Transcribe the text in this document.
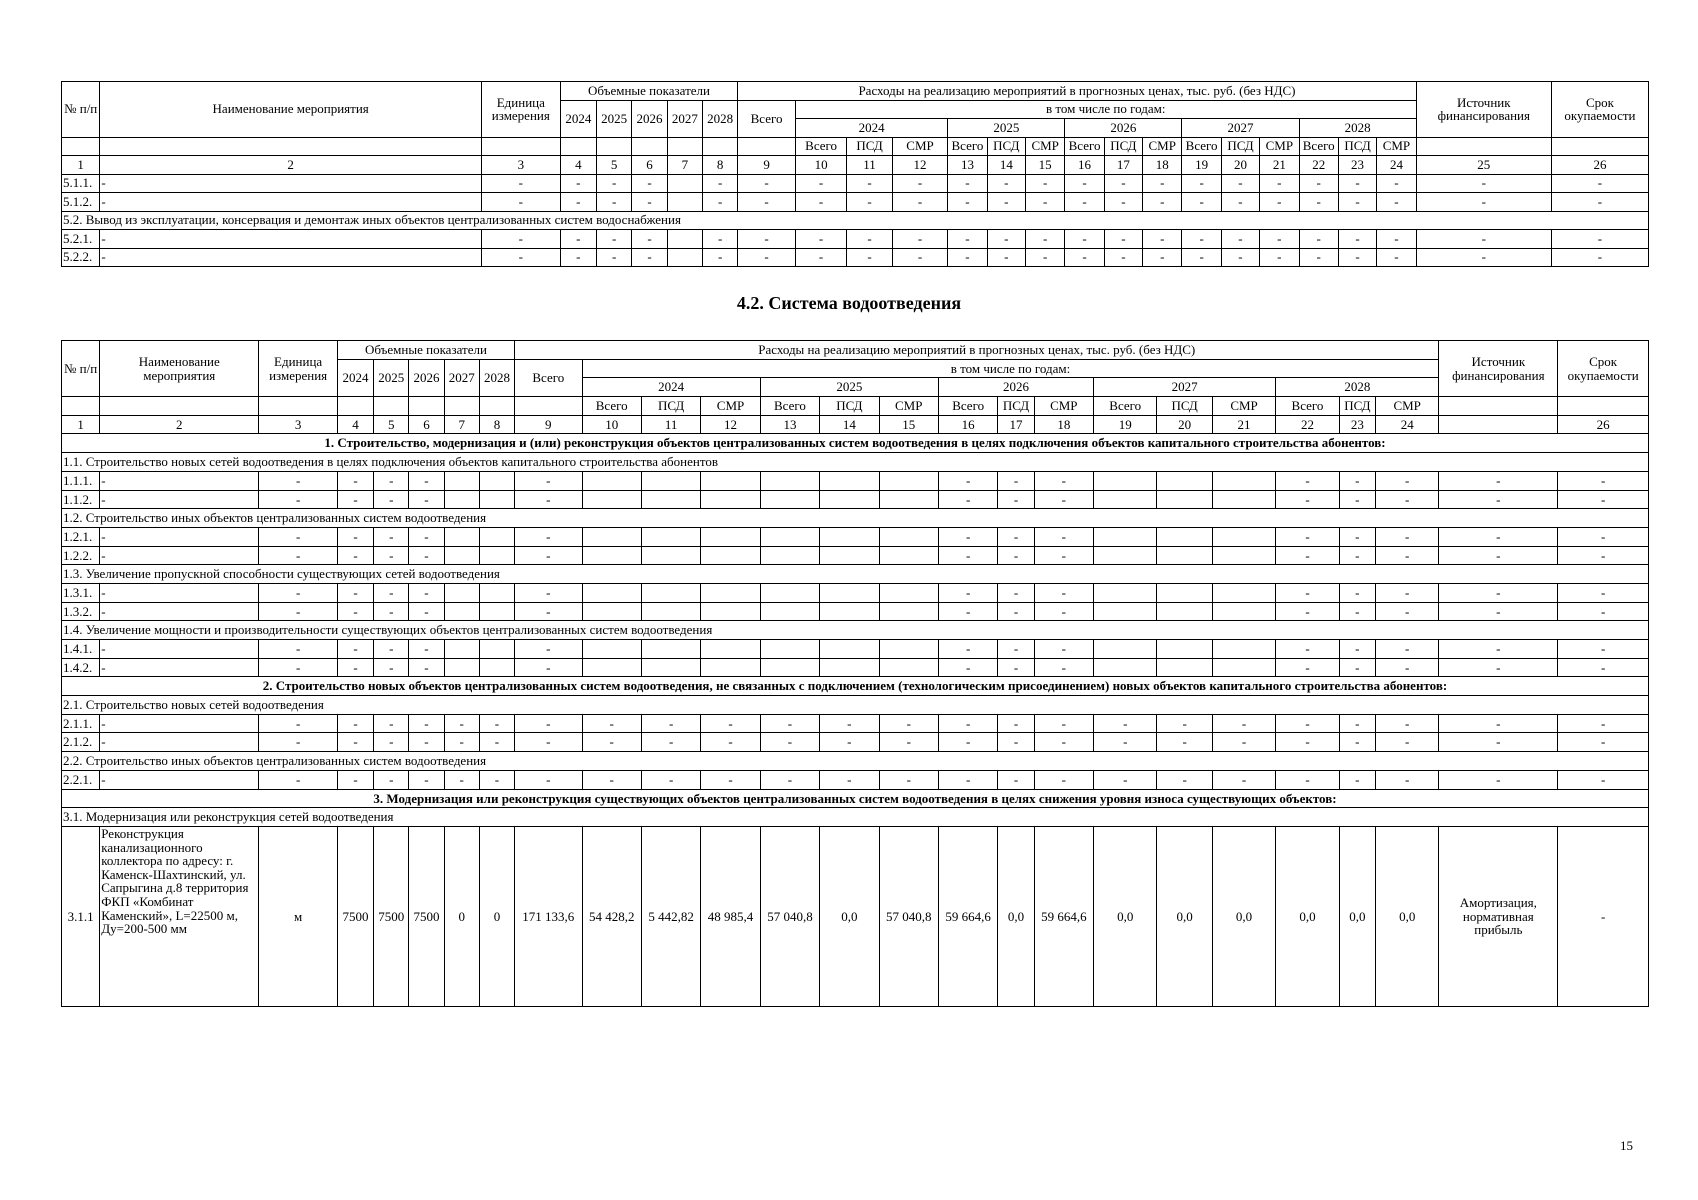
№ п/п	Наименование мероприятия	Единица измерения	Объемные показатели					Расходы на реализацию мероприятий в прогнозных ценах, тыс. руб. (без НДС)																Источник финансирования	Срок окупаемости
			2024	2025	2026	2027	2028	Всего	в том числе по годам:																
									2024			2025			2026			2027			2028				
									Всего	ПСД	СМР	Всего	ПСД	СМР	Всего	ПСД	СМР	Всего	ПСД	СМР	Всего	ПСД	СМР		
1	2	3	4	5	6	7	8	9	10	11	12	13	14	15	16	17	18	19	20	21	22	23	24	25	26
5.1.1.	-	-	-	-	-		-	-	-	-	-	-	-	-	-	-	-	-	-	-	-	-	-	-	-
5.1.2.	-	-	-	-	-		-	-	-	-	-	-	-	-	-	-	-	-	-	-	-	-	-	-	-
5.2. Вывод из эксплуатации, консервация и демонтаж иных объектов централизованных систем водоснабжения																									
5.2.1.	-	-	-	-	-		-	-	-	-	-	-	-	-	-	-	-	-	-	-	-	-	-	-	-
5.2.2.	-	-	-	-	-		-	-	-	-	-	-	-	-	-	-	-	-	-	-	-	-	-	-	-
4.2. Система водоотведения
№ п/п	Наименование мероприятия	Единица измерения	Объемные показатели					Расходы на реализацию мероприятий в прогнозных ценах, тыс. руб. (без НДС)																Источник финансирования	Срок окупаемости
			2024	2025	2026	2027	2028	Всего	в том числе по годам:																
									2024			2025			2026			2027			2028				
									Всего	ПСД	СМР	Всего	ПСД	СМР	Всего	ПСД	СМР	Всего	ПСД	СМР	Всего	ПСД	СМР		
1	2	3	4	5	6	7	8	9	10	11	12	13	14	15	16	17	18	19	20	21	22	23	24		26
1. Строительство, модернизация и (или) реконструкция объектов централизованных систем водоотведения в целях подключения объектов капитального строительства абонентов:																									
1.1. Строительство новых сетей водоотведения в целях подключения объектов капитального строительства абонентов																									
1.1.1.	-	-	-	-	-			-							-	-	-				-	-	-	-	-
1.1.2.	-	-	-	-	-			-							-	-	-				-	-	-	-	-
1.2. Строительство иных объектов централизованных систем водоотведения																									
1.2.1.	-	-	-	-	-			-							-	-	-				-	-	-	-	-
1.2.2.	-	-	-	-	-			-							-	-	-				-	-	-	-	-
1.3. Увеличение пропускной способности существующих сетей водоотведения																									
1.3.1.	-	-	-	-	-			-							-	-	-				-	-	-	-	-
1.3.2.	-	-	-	-	-			-							-	-	-				-	-	-	-	-
1.4. Увеличение мощности и производительности существующих объектов централизованных систем водоотведения																									
1.4.1.	-	-	-	-	-			-							-	-	-				-	-	-	-	-
1.4.2.	-	-	-	-	-			-							-	-	-				-	-	-	-	-
2. Строительство новых объектов централизованных систем водоотведения, не связанных с подключением (технологическим присоединением) новых объектов капитального строительства абонентов:																									
2.1. Строительство новых сетей водоотведения																									
2.1.1.	-	-	-	-	-	-	-	-	-	-	-	-	-	-	-	-	-	-	-	-	-	-	-	-	-
2.1.2.	-	-	-	-	-	-	-	-	-	-	-	-	-	-	-	-	-	-	-	-	-	-	-	-	-
2.2. Строительство иных объектов централизованных систем водоотведения																									
2.2.1.	-	-	-	-	-	-	-	-	-	-	-	-	-	-	-	-	-	-	-	-	-	-	-	-	-
3. Модернизация или реконструкция существующих объектов централизованных систем водоотведения в целях снижения уровня износа существующих объектов:																									
3.1. Модернизация или реконструкция сетей водоотведения																									
3.1.1	Реконструкция канализационного коллектора по адресу: г. Каменск-Шахтинский, ул. Сапрыгина д.8 территория ФКП «Комбинат Каменский», L=22500 м, Ду=200-500 мм	м	7500	7500	7500	0	0	171 133,6	54 428,2	5 442,82	48 985,4	57 040,8	0,0	57 040,8	59 664,6	0,0	59 664,6	0,0	0,0	0,0	0,0	0,0	0,0	Амортизация, нормативная прибыль	-
15
